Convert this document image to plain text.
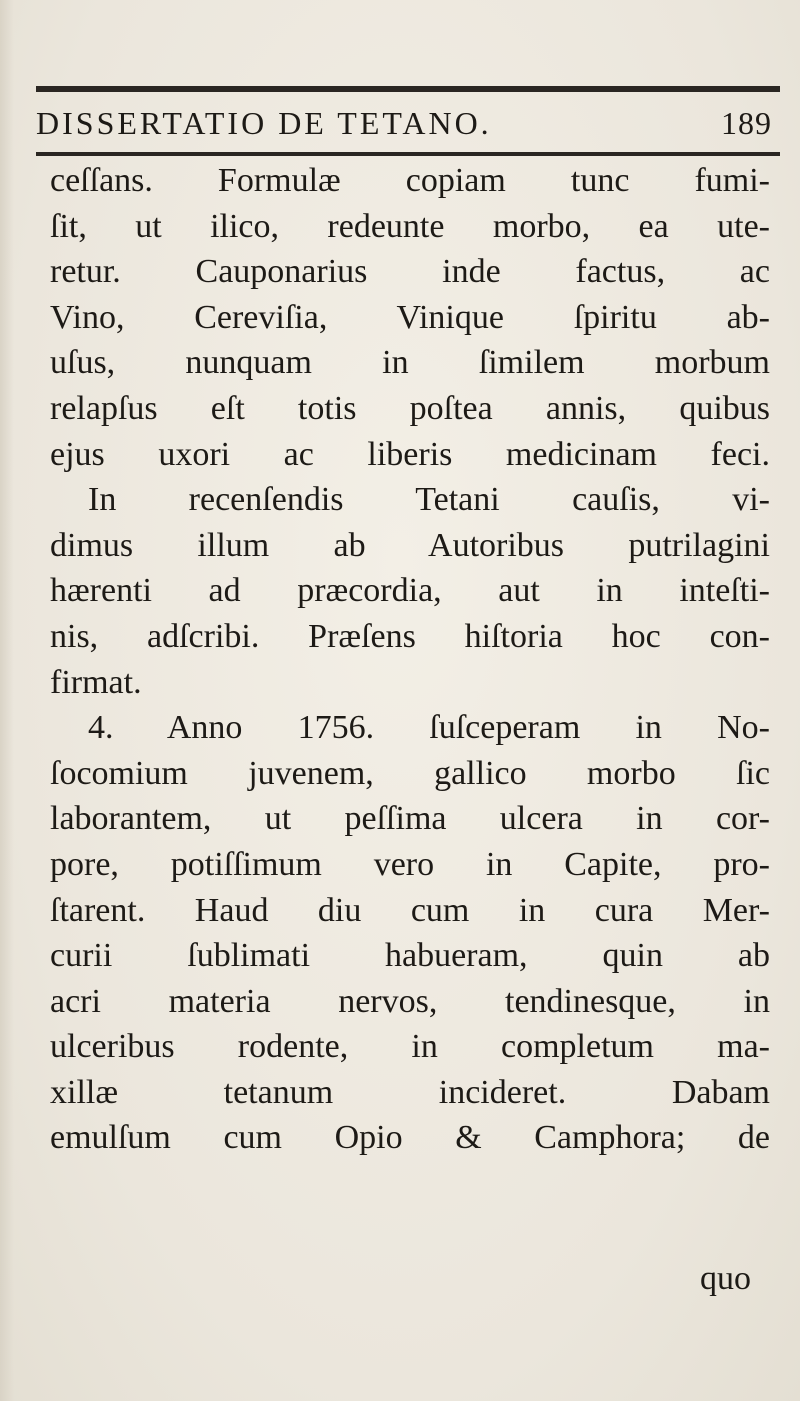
DISSERTATIO DE TETANO.	189
ceſſans. Formulæ copiam tunc fumi-
ſit, ut ilico, redeunte morbo, ea ute-
retur. Cauponarius inde factus, ac
Vino, Cereviſia, Vinique ſpiritu ab-
uſus, nunquam in ſimilem morbum
relapſus eſt totis poſtea annis, quibus
ejus uxori ac liberis medicinam feci.
In recenſendis Tetani cauſis, vi-
dimus illum ab Autoribus putrilagini
hærenti ad præcordia, aut in inteſti-
nis, adſcribi. Præſens hiſtoria hoc con-
firmat.
4. Anno 1756. ſuſceperam in No-
ſocomium juvenem, gallico morbo ſic
laborantem, ut peſſima ulcera in cor-
pore, potiſſimum vero in Capite, pro-
ſtarent. Haud diu cum in cura Mer-
curii ſublimati habueram, quin ab
acri materia nervos, tendinesque, in
ulceribus rodente, in completum ma-
xillæ tetanum incideret. Dabam
emulſum cum Opio & Camphora; de
quo
